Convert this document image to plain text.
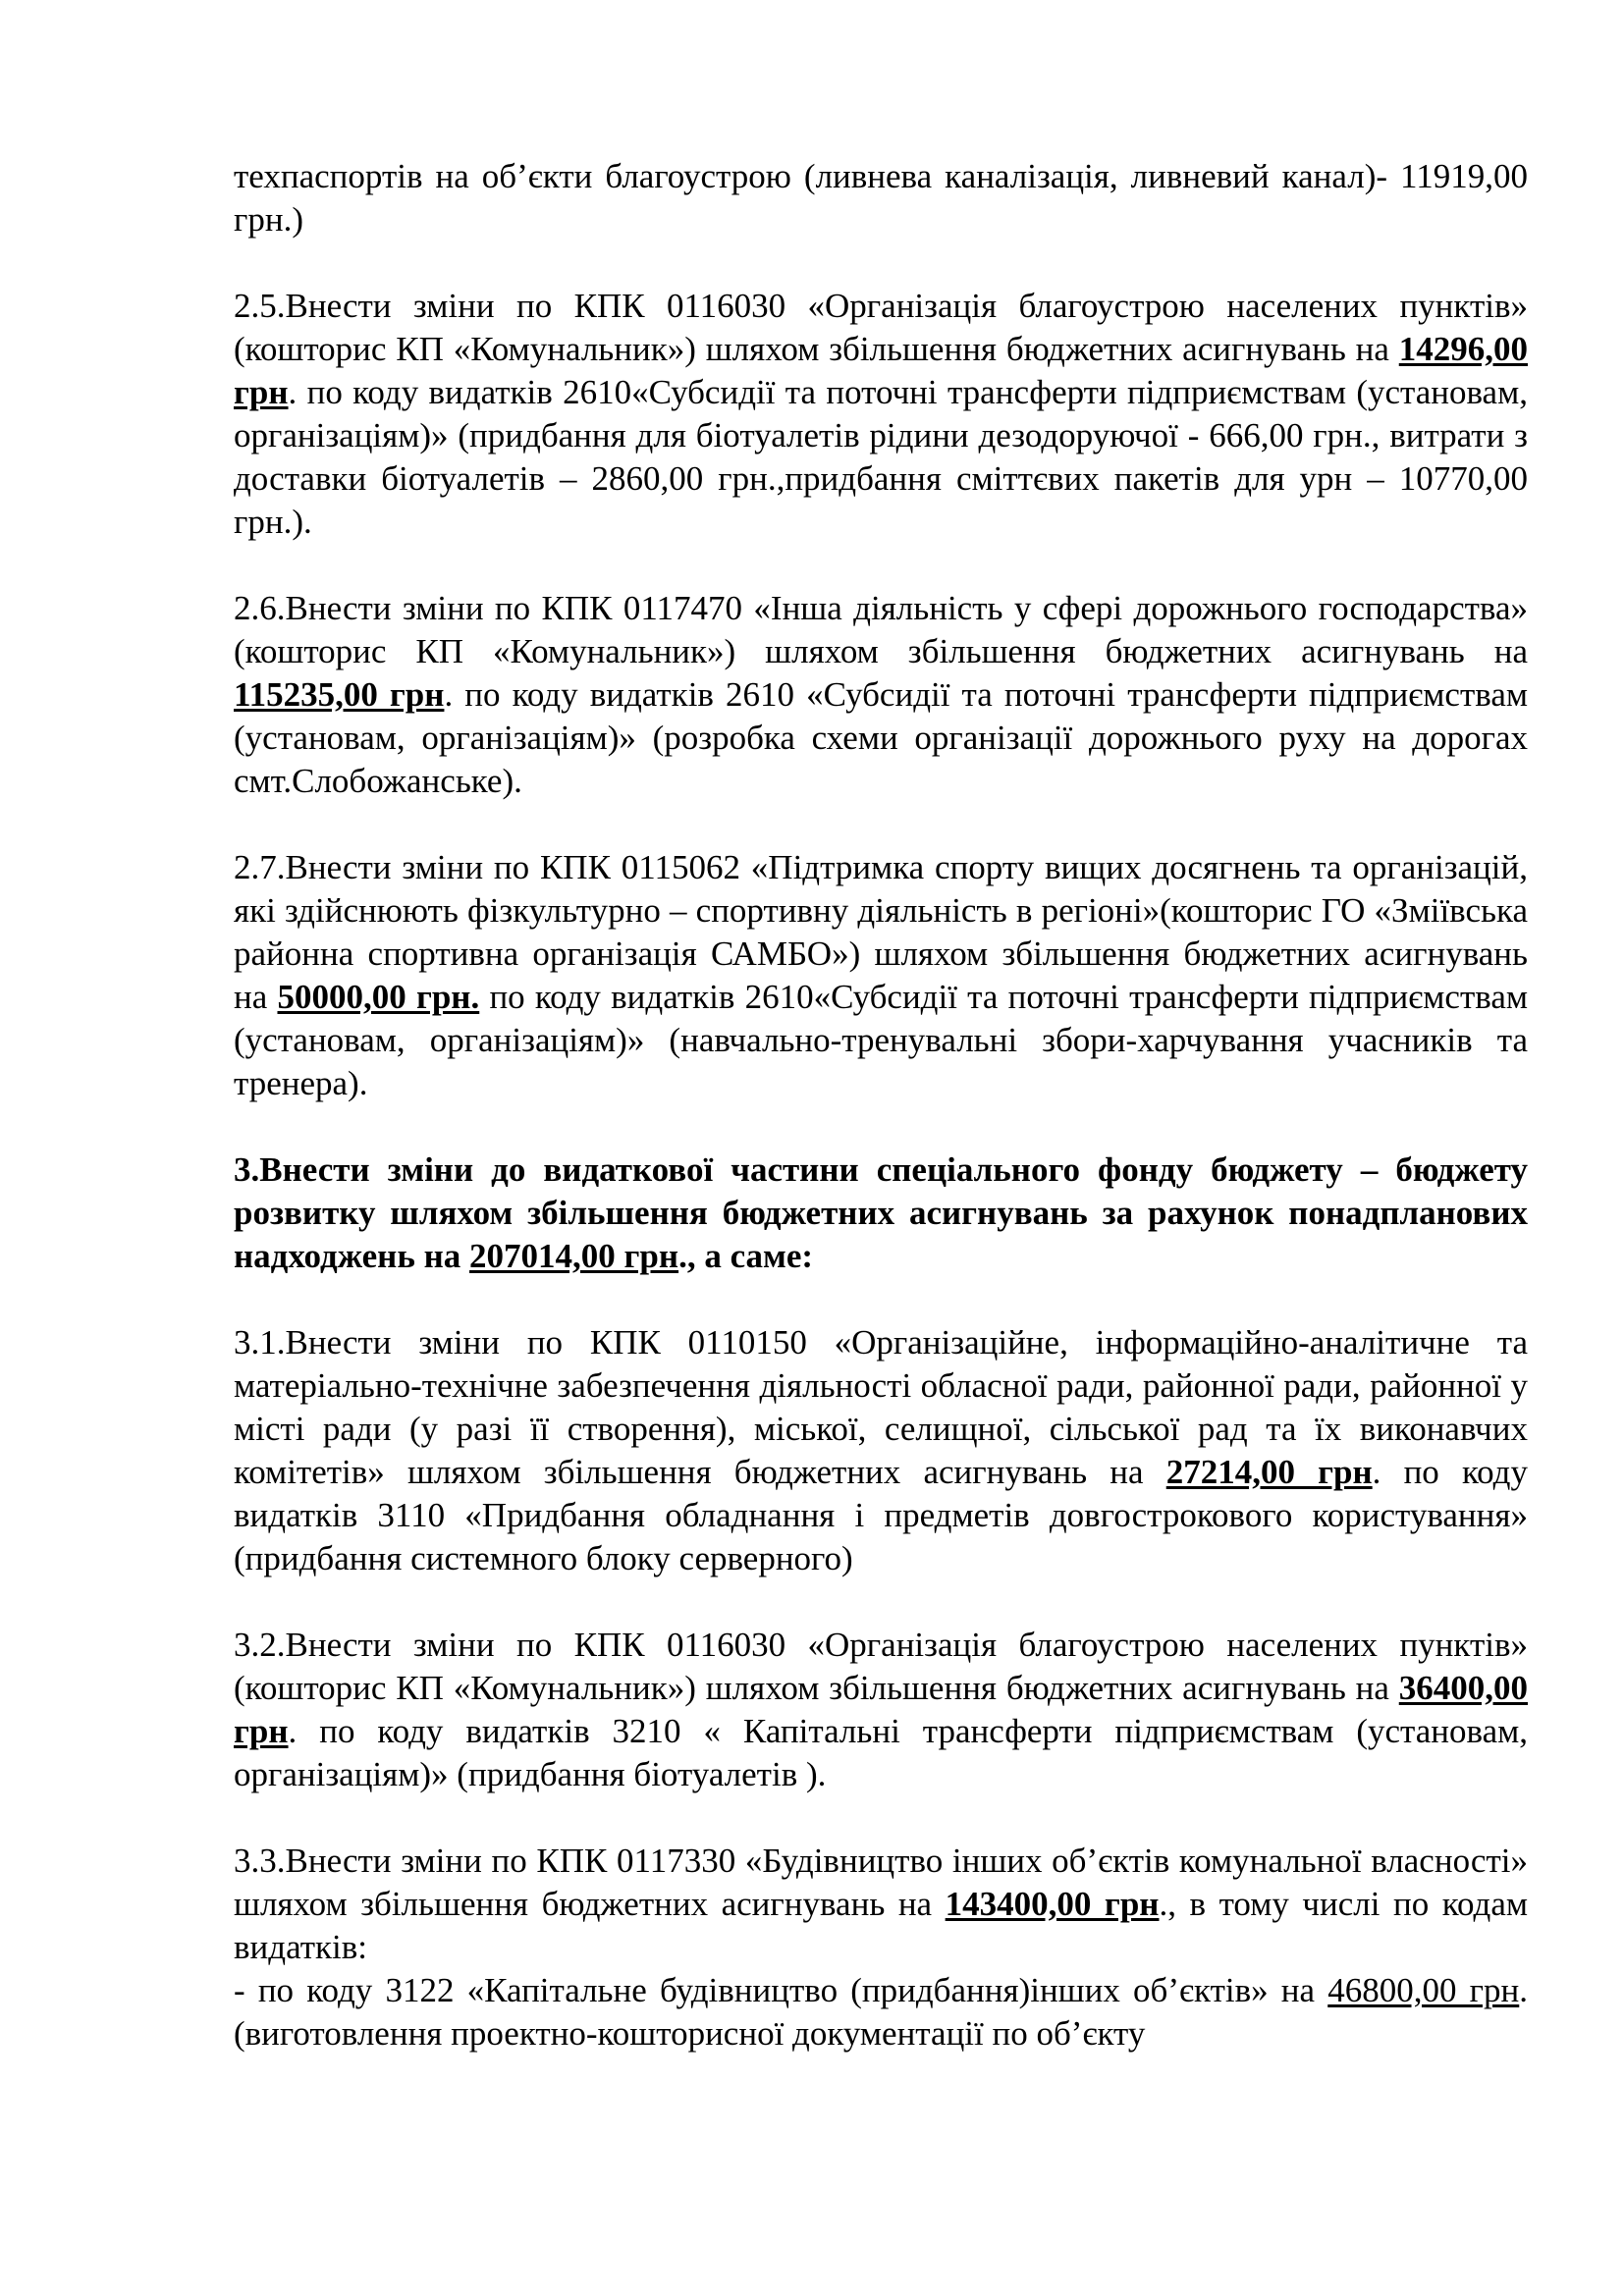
техпаспортів на об’єкти благоустрою (ливнева каналізація, ливневий канал)- 11919,00 грн.)

2.5.Внести зміни по КПК 0116030 «Організація благоустрою населених пунктів» (кошторис КП «Комунальник») шляхом збільшення бюджетних асигнувань на 14296,00 грн. по коду видатків 2610«Субсидії та поточні трансферти підприємствам (установам, організаціям)» (придбання для біотуалетів рідини дезодоруючої - 666,00 грн., витрати з доставки біотуалетів – 2860,00 грн.,придбання сміттєвих пакетів для урн – 10770,00 грн.).

2.6.Внести зміни по КПК 0117470 «Інша діяльність у сфері дорожнього господарства» (кошторис КП «Комунальник») шляхом збільшення бюджетних асигнувань на 115235,00 грн. по коду видатків 2610 «Субсидії та поточні трансферти підприємствам (установам, організаціям)» (розробка схеми організації дорожнього руху на дорогах смт.Слобожанське).

2.7.Внести зміни по КПК 0115062 «Підтримка спорту вищих досягнень та організацій, які здійснюють фізкультурно – спортивну діяльність в регіоні»(кошторис ГО «Зміївська районна спортивна організація САМБО») шляхом збільшення бюджетних асигнувань на 50000,00 грн. по коду видатків 2610«Субсидії та поточні трансферти підприємствам (установам, організаціям)» (навчально-тренувальні збори-харчування учасників та тренера).

3.Внести зміни до видаткової частини спеціального фонду бюджету – бюджету розвитку шляхом збільшення бюджетних асигнувань за рахунок понадпланових надходжень на 207014,00 грн., а саме:

3.1.Внести зміни по КПК 0110150 «Організаційне, інформаційно-аналітичне та матеріально-технічне забезпечення діяльності обласної ради, районної ради, районної у місті ради (у разі її створення), міської, селищної, сільської рад та їх виконавчих комітетів» шляхом збільшення бюджетних асигнувань на 27214,00 грн. по коду видатків 3110 «Придбання обладнання і предметів довгострокового користування» (придбання системного блоку серверного)

3.2.Внести зміни по КПК 0116030 «Організація благоустрою населених пунктів» (кошторис КП «Комунальник») шляхом збільшення бюджетних асигнувань на 36400,00 грн. по коду видатків 3210 « Капітальні трансферти підприємствам (установам, організаціям)» (придбання біотуалетів ).

3.3.Внести зміни по КПК 0117330 «Будівництво інших об’єктів комунальної власності» шляхом збільшення бюджетних асигнувань на 143400,00 грн., в тому числі по кодам видатків:

- по коду 3122 «Капітальне будівництво (придбання)інших об’єктів» на 46800,00 грн.(виготовлення проектно-кошторисної документації по об’єкту
